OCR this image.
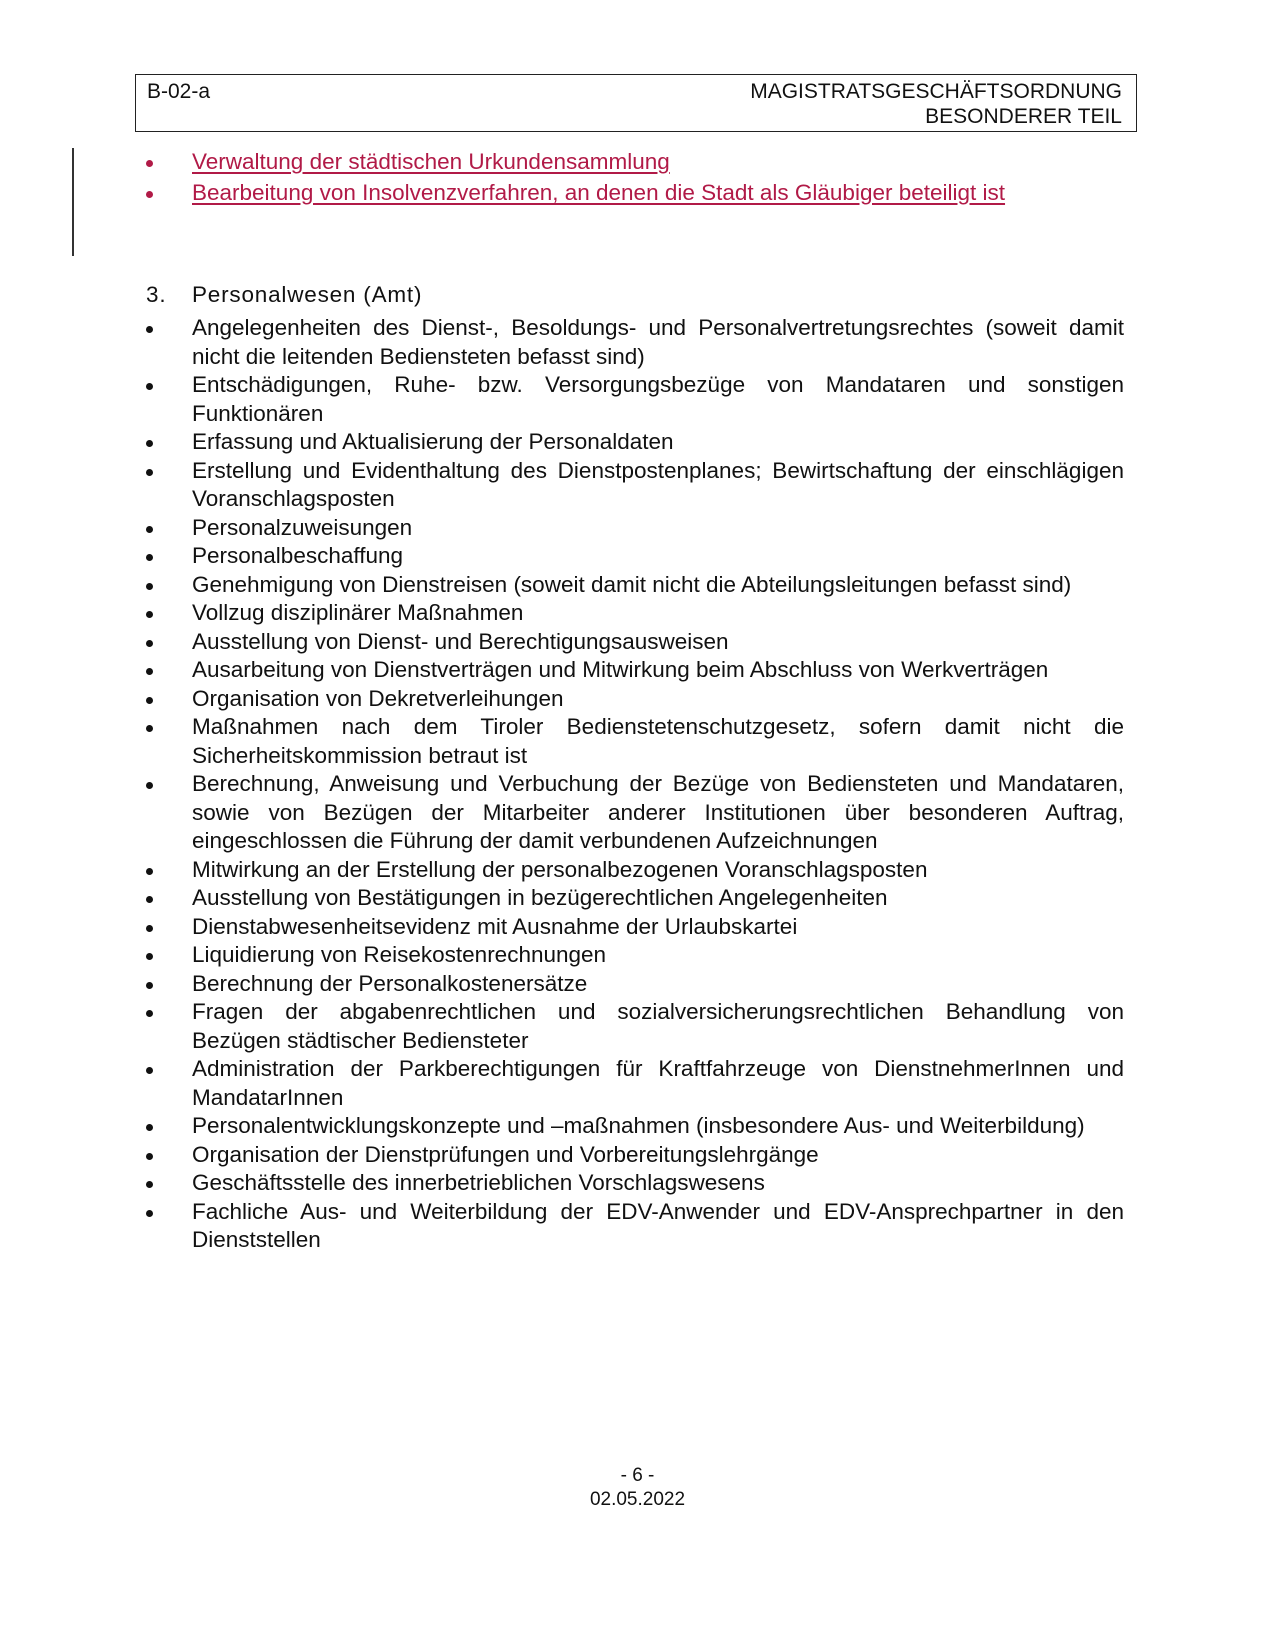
B-02-a	MAGISTRATSGESCHÄFTSORDNUNG
BESONDERER TEIL
Verwaltung der städtischen Urkundensammlung
Bearbeitung von Insolvenzverfahren, an denen die Stadt als Gläubiger beteiligt ist
3. Personalwesen (Amt)
Angelegenheiten des Dienst-, Besoldungs- und Personalvertretungsrechtes (soweit damit nicht die leitenden Bediensteten befasst sind)
Entschädigungen, Ruhe- bzw. Versorgungsbezüge von Mandataren und sonstigen Funktionären
Erfassung und Aktualisierung der Personaldaten
Erstellung und Evidenthaltung des Dienstpostenplanes; Bewirtschaftung der einschlägigen Voranschlagsposten
Personalzuweisungen
Personalbeschaffung
Genehmigung von Dienstreisen (soweit damit nicht die Abteilungsleitungen befasst sind)
Vollzug disziplinärer Maßnahmen
Ausstellung von Dienst- und Berechtigungsausweisen
Ausarbeitung von Dienstverträgen und Mitwirkung beim Abschluss von Werkverträgen
Organisation von Dekretverleihungen
Maßnahmen nach dem Tiroler Bedienstetenschutzgesetz, sofern damit nicht die Sicherheitskommission betraut ist
Berechnung, Anweisung und Verbuchung der Bezüge von Bediensteten und Mandataren, sowie von Bezügen der Mitarbeiter anderer Institutionen über besonderen Auftrag, eingeschlossen die Führung der damit verbundenen Aufzeichnungen
Mitwirkung an der Erstellung der personalbezogenen Voranschlagsposten
Ausstellung von Bestätigungen in bezügerechtlichen Angelegenheiten
Dienstabwesenheitsevidenz mit Ausnahme der Urlaubskartei
Liquidierung von Reisekostenrechnungen
Berechnung der Personalkostenersätze
Fragen der abgabenrechtlichen und sozialversicherungsrechtlichen Behandlung von Bezügen städtischer Bediensteter
Administration der Parkberechtigungen für Kraftfahrzeuge von DienstnehmerInnen und MandatarInnen
Personalentwicklungskonzepte und –maßnahmen (insbesondere Aus- und Weiterbildung)
Organisation der Dienstprüfungen und Vorbereitungslehrgänge
Geschäftsstelle des innerbetrieblichen Vorschlagswesens
Fachliche Aus- und Weiterbildung der EDV-Anwender und EDV-Ansprechpartner in den Dienststellen
- 6 -
02.05.2022
